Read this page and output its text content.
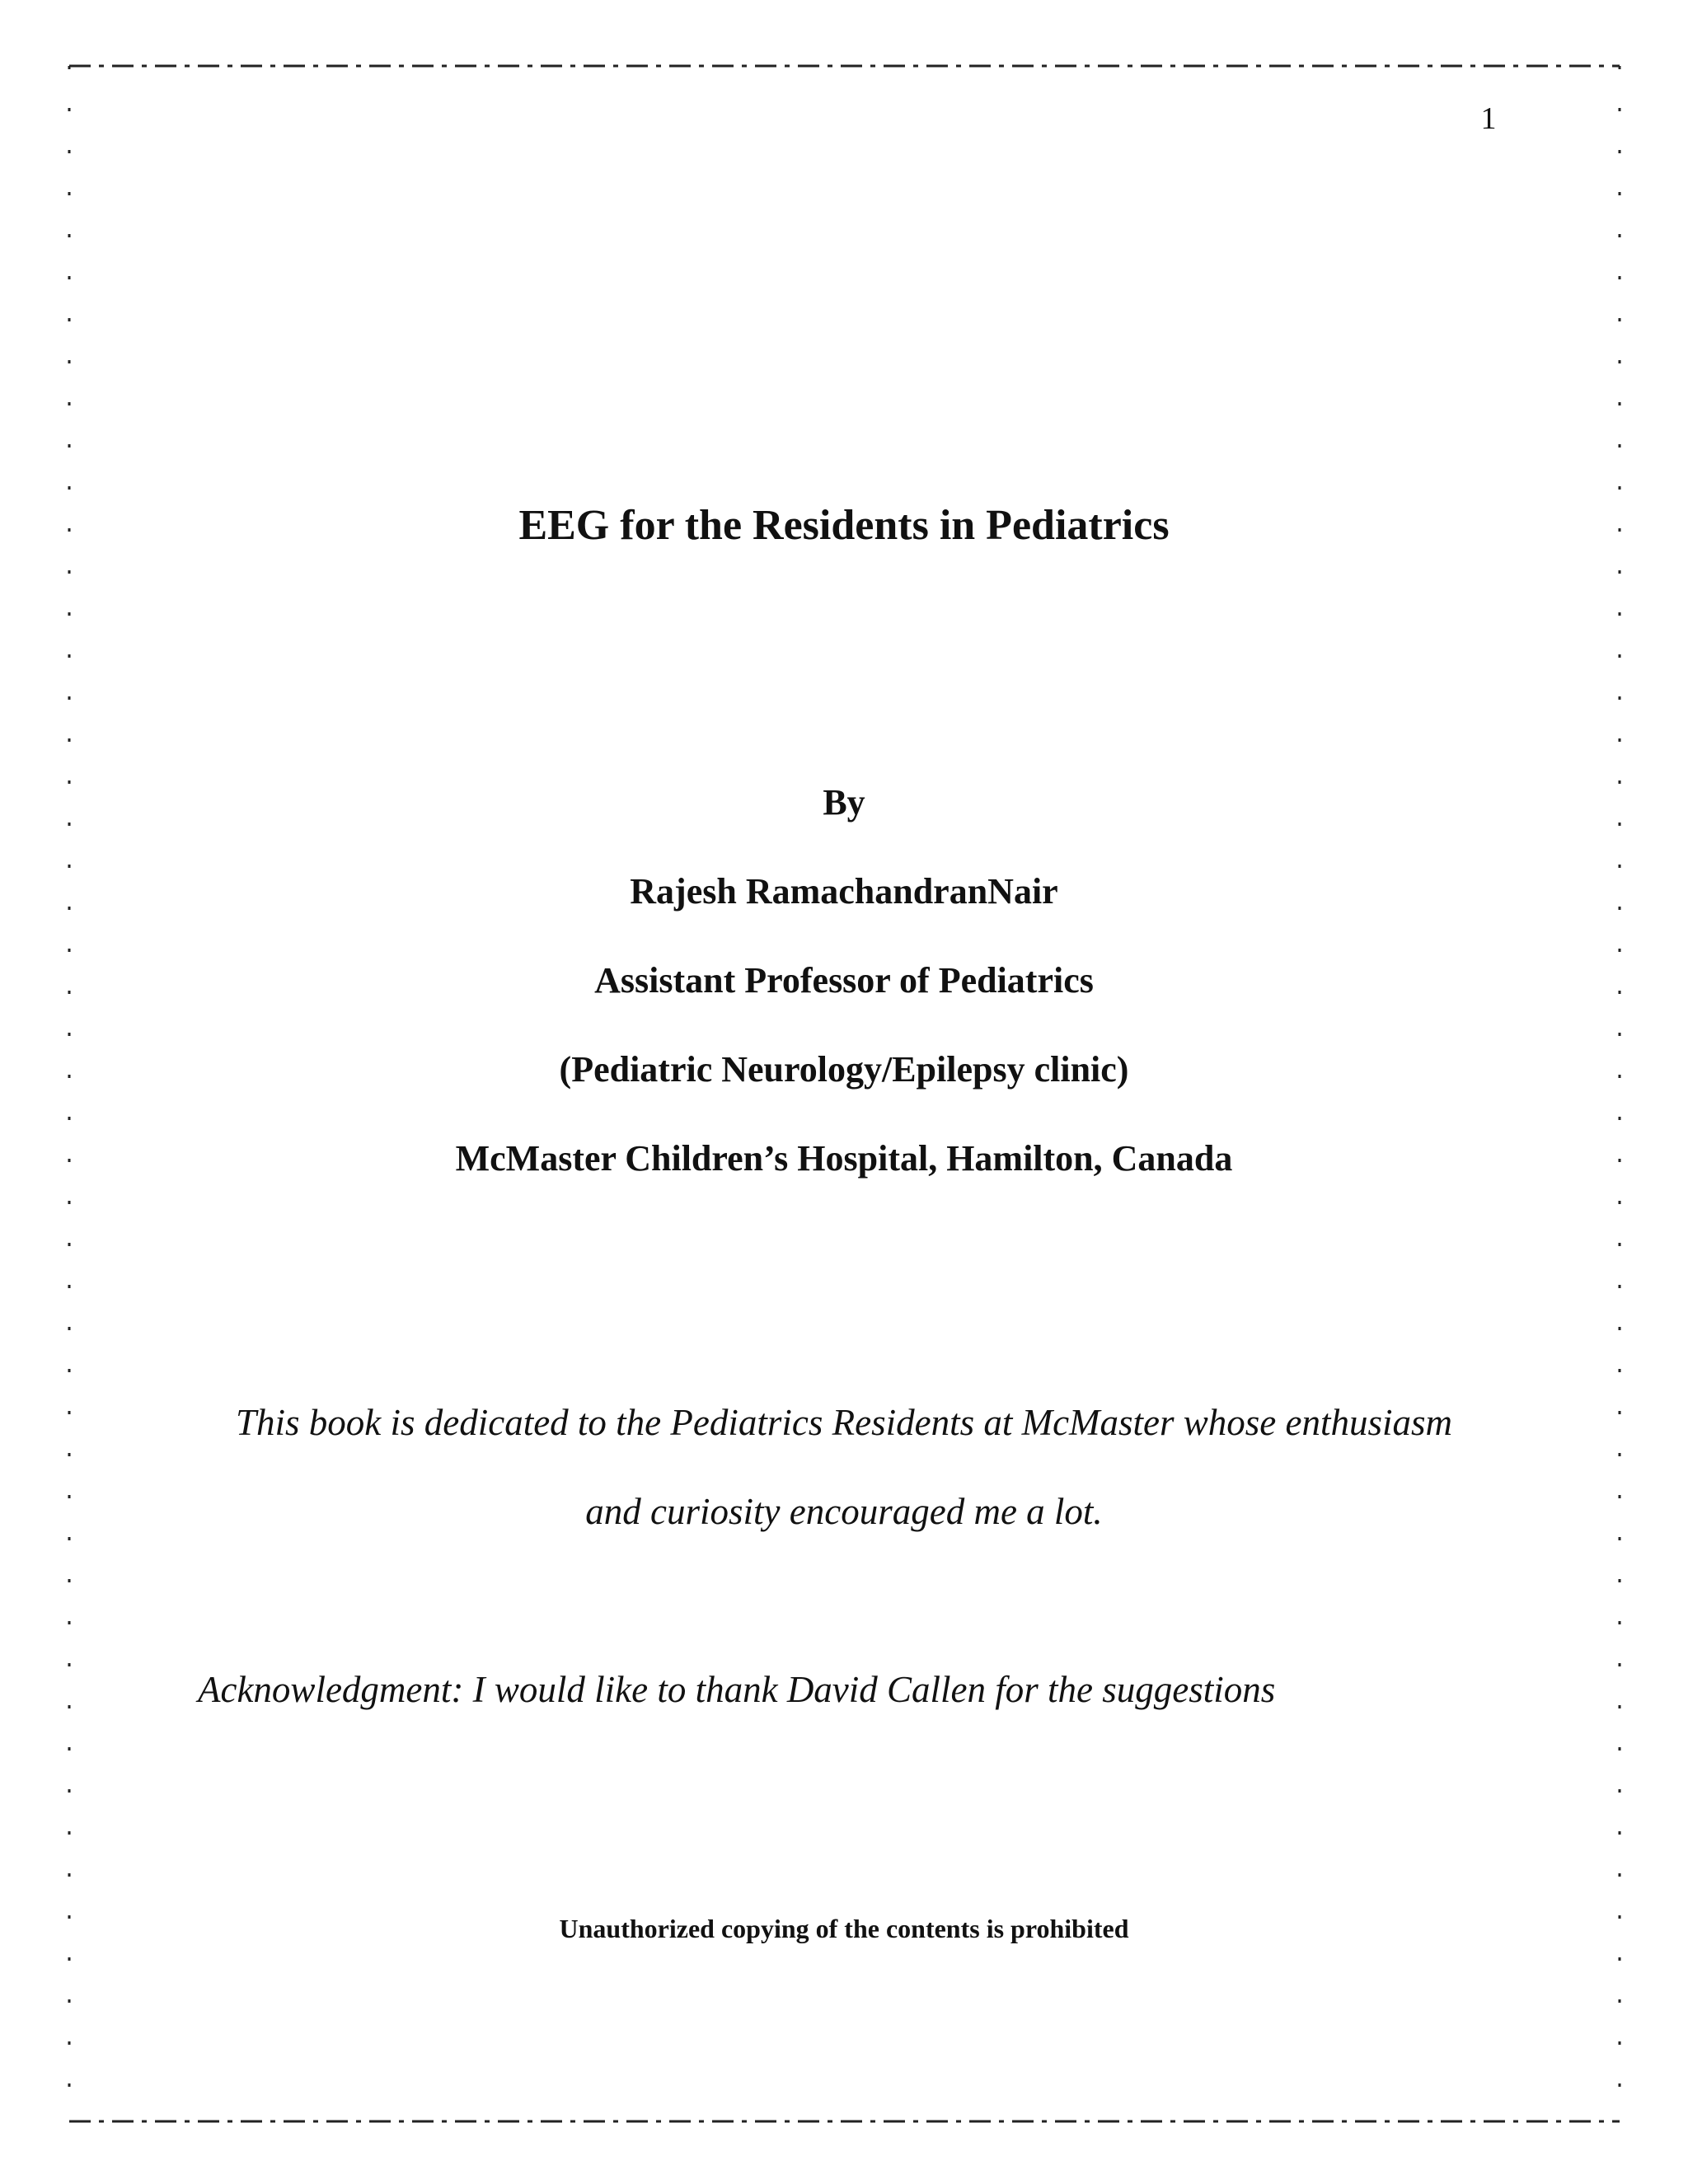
1
EEG for the Residents in Pediatrics
By
Rajesh RamachandranNair
Assistant Professor of Pediatrics
(Pediatric Neurology/Epilepsy clinic)
McMaster Children’s Hospital, Hamilton, Canada
This book is dedicated to the Pediatrics Residents at McMaster whose enthusiasm
and curiosity encouraged me a lot.
Acknowledgment: I would like to thank David Callen for the suggestions
Unauthorized copying of the contents is prohibited
